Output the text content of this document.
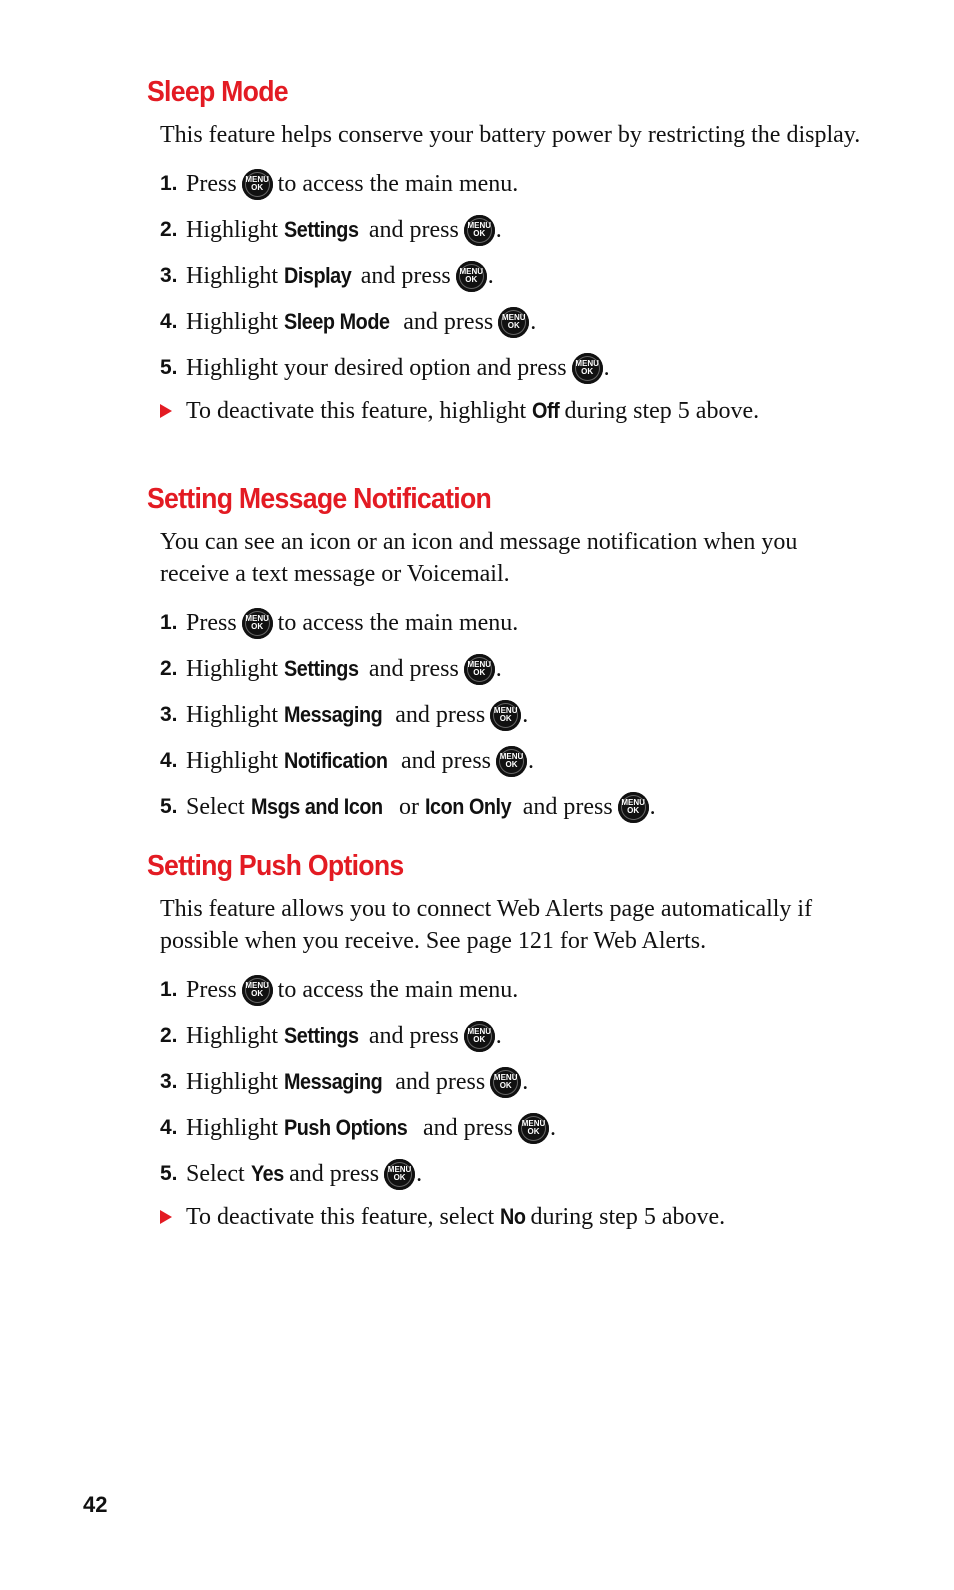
Sleep Mode
This feature helps conserve your battery power by restricting the display.
1. Press MENU
OK to access the main menu.
2. Highlight Settings and press MENU
OK .
3. Highlight Display and press MENU
OK .
4. Highlight Sleep Mode and press MENU
OK .
5. Highlight your desired option and press MENU
OK .
To deactivate this feature, highlight Off during step 5 above.
Setting Message Notification
You can see an icon or an icon and message notification when you receive a text message or Voicemail.
1. Press MENU
OK to access the main menu.
2. Highlight Settings and press MENU
OK .
3. Highlight Messaging and press MENU
OK .
4. Highlight Notification and press MENU
OK .
5. Select Msgs and Icon or Icon Only and press MENU
OK .
Setting Push Options
This feature allows you to connect Web Alerts page automatically if possible when you receive. See page 121 for Web Alerts.
1. Press MENU
OK to access the main menu.
2. Highlight Settings and press MENU
OK .
3. Highlight Messaging and press MENU
OK .
4. Highlight Push Options and press MENU
OK .
5. Select Yes and press MENU
OK .
To deactivate this feature, select No during step 5 above.
42
